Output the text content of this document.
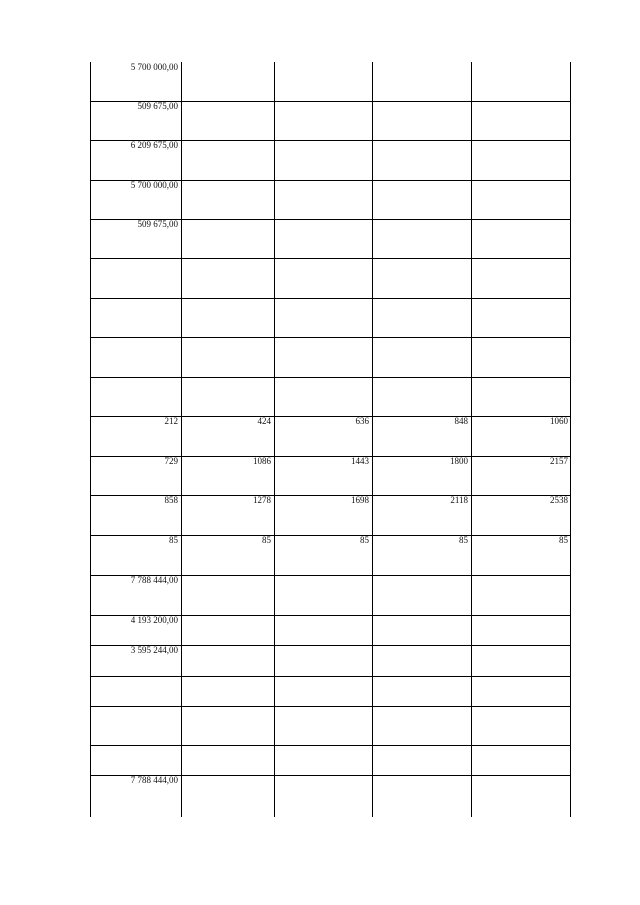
5 700 000,00
509 675,00
6 209 675,00
5 700 000,00
509 675,00
212	424	636	848	1060
729	1086	1443	1800	2157
858	1278	1698	2118	2538
85	85	85	85	85
7 788 444,00
4 193 200,00
3 595 244,00
7 788 444,00
